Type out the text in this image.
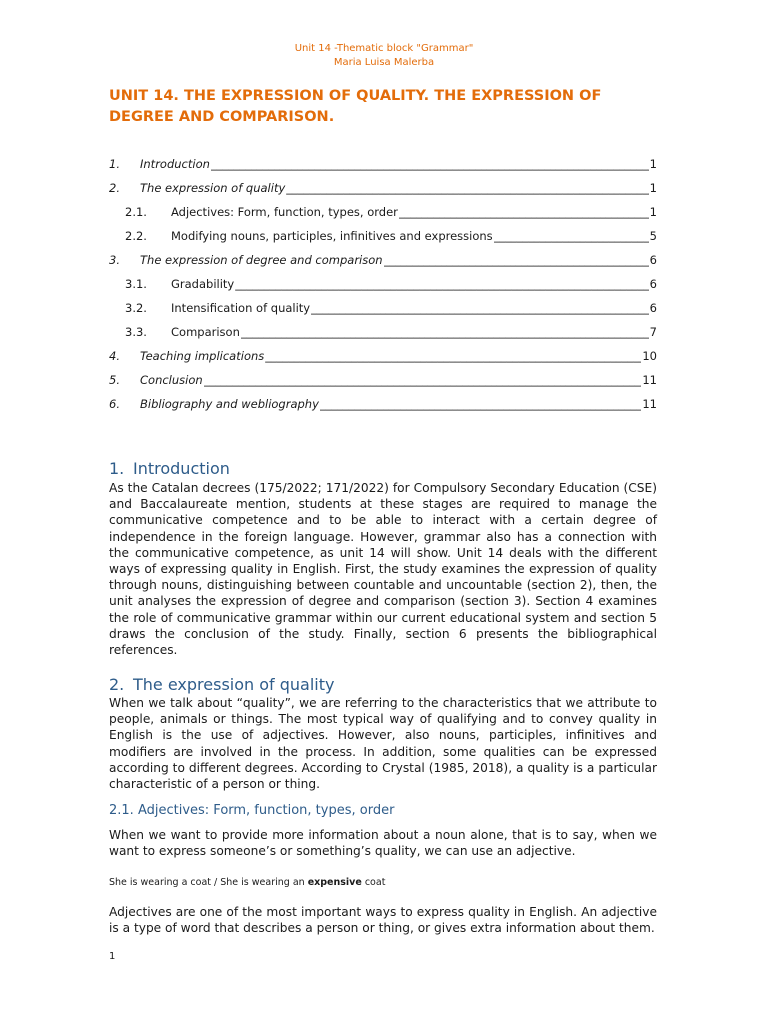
Unit 14 -Thematic block "Grammar"
Maria Luisa Malerba
UNIT 14. THE EXPRESSION OF QUALITY. THE EXPRESSION OF DEGREE AND COMPARISON.
1.	Introduction _____	1
2.	The expression of quality _____	1
2.1.	Adjectives: Form, function, types, order _____	1
2.2.	Modifying nouns, participles, infinitives and expressions _____	5
3.	The expression of degree and comparison _____	6
3.1.	Gradability _____	6
3.2.	Intensification of quality _____	6
3.3.	Comparison _____	7
4.	Teaching implications _____	10
5.	Conclusion _____	11
6.	Bibliography and webliography _____	11
1. Introduction

As the Catalan decrees (175/2022; 171/2022) for Compulsory Secondary Education (CSE) and Baccalaureate mention, students at these stages are required to manage the communicative competence and to be able to interact with a certain degree of independence in the foreign language. However, grammar also has a connection with the communicative competence, as unit 14 will show. Unit 14 deals with the different ways of expressing quality in English. First, the study examines the expression of quality through nouns, distinguishing between countable and uncountable (section 2), then, the unit analyses the expression of degree and comparison (section 3). Section 4 examines the role of communicative grammar within our current educational system and section 5 draws the conclusion of the study. Finally, section 6 presents the bibliographical references.

2. The expression of quality

When we talk about “quality”, we are referring to the characteristics that we attribute to people, animals or things. The most typical way of qualifying and to convey quality in English is the use of adjectives. However, also nouns, participles, infinitives and modifiers are involved in the process. In addition, some qualities can be expressed according to different degrees. According to Crystal (1985, 2018), a quality is a particular characteristic of a person or thing.

2.1. Adjectives: Form, function, types, order

When we want to provide more information about a noun alone, that is to say, when we want to express someone’s or something’s quality, we can use an adjective.

She is wearing a coat / She is wearing an expensive coat

Adjectives are one of the most important ways to express quality in English. An adjective is a type of word that describes a person or thing, or gives extra information about them.

1
